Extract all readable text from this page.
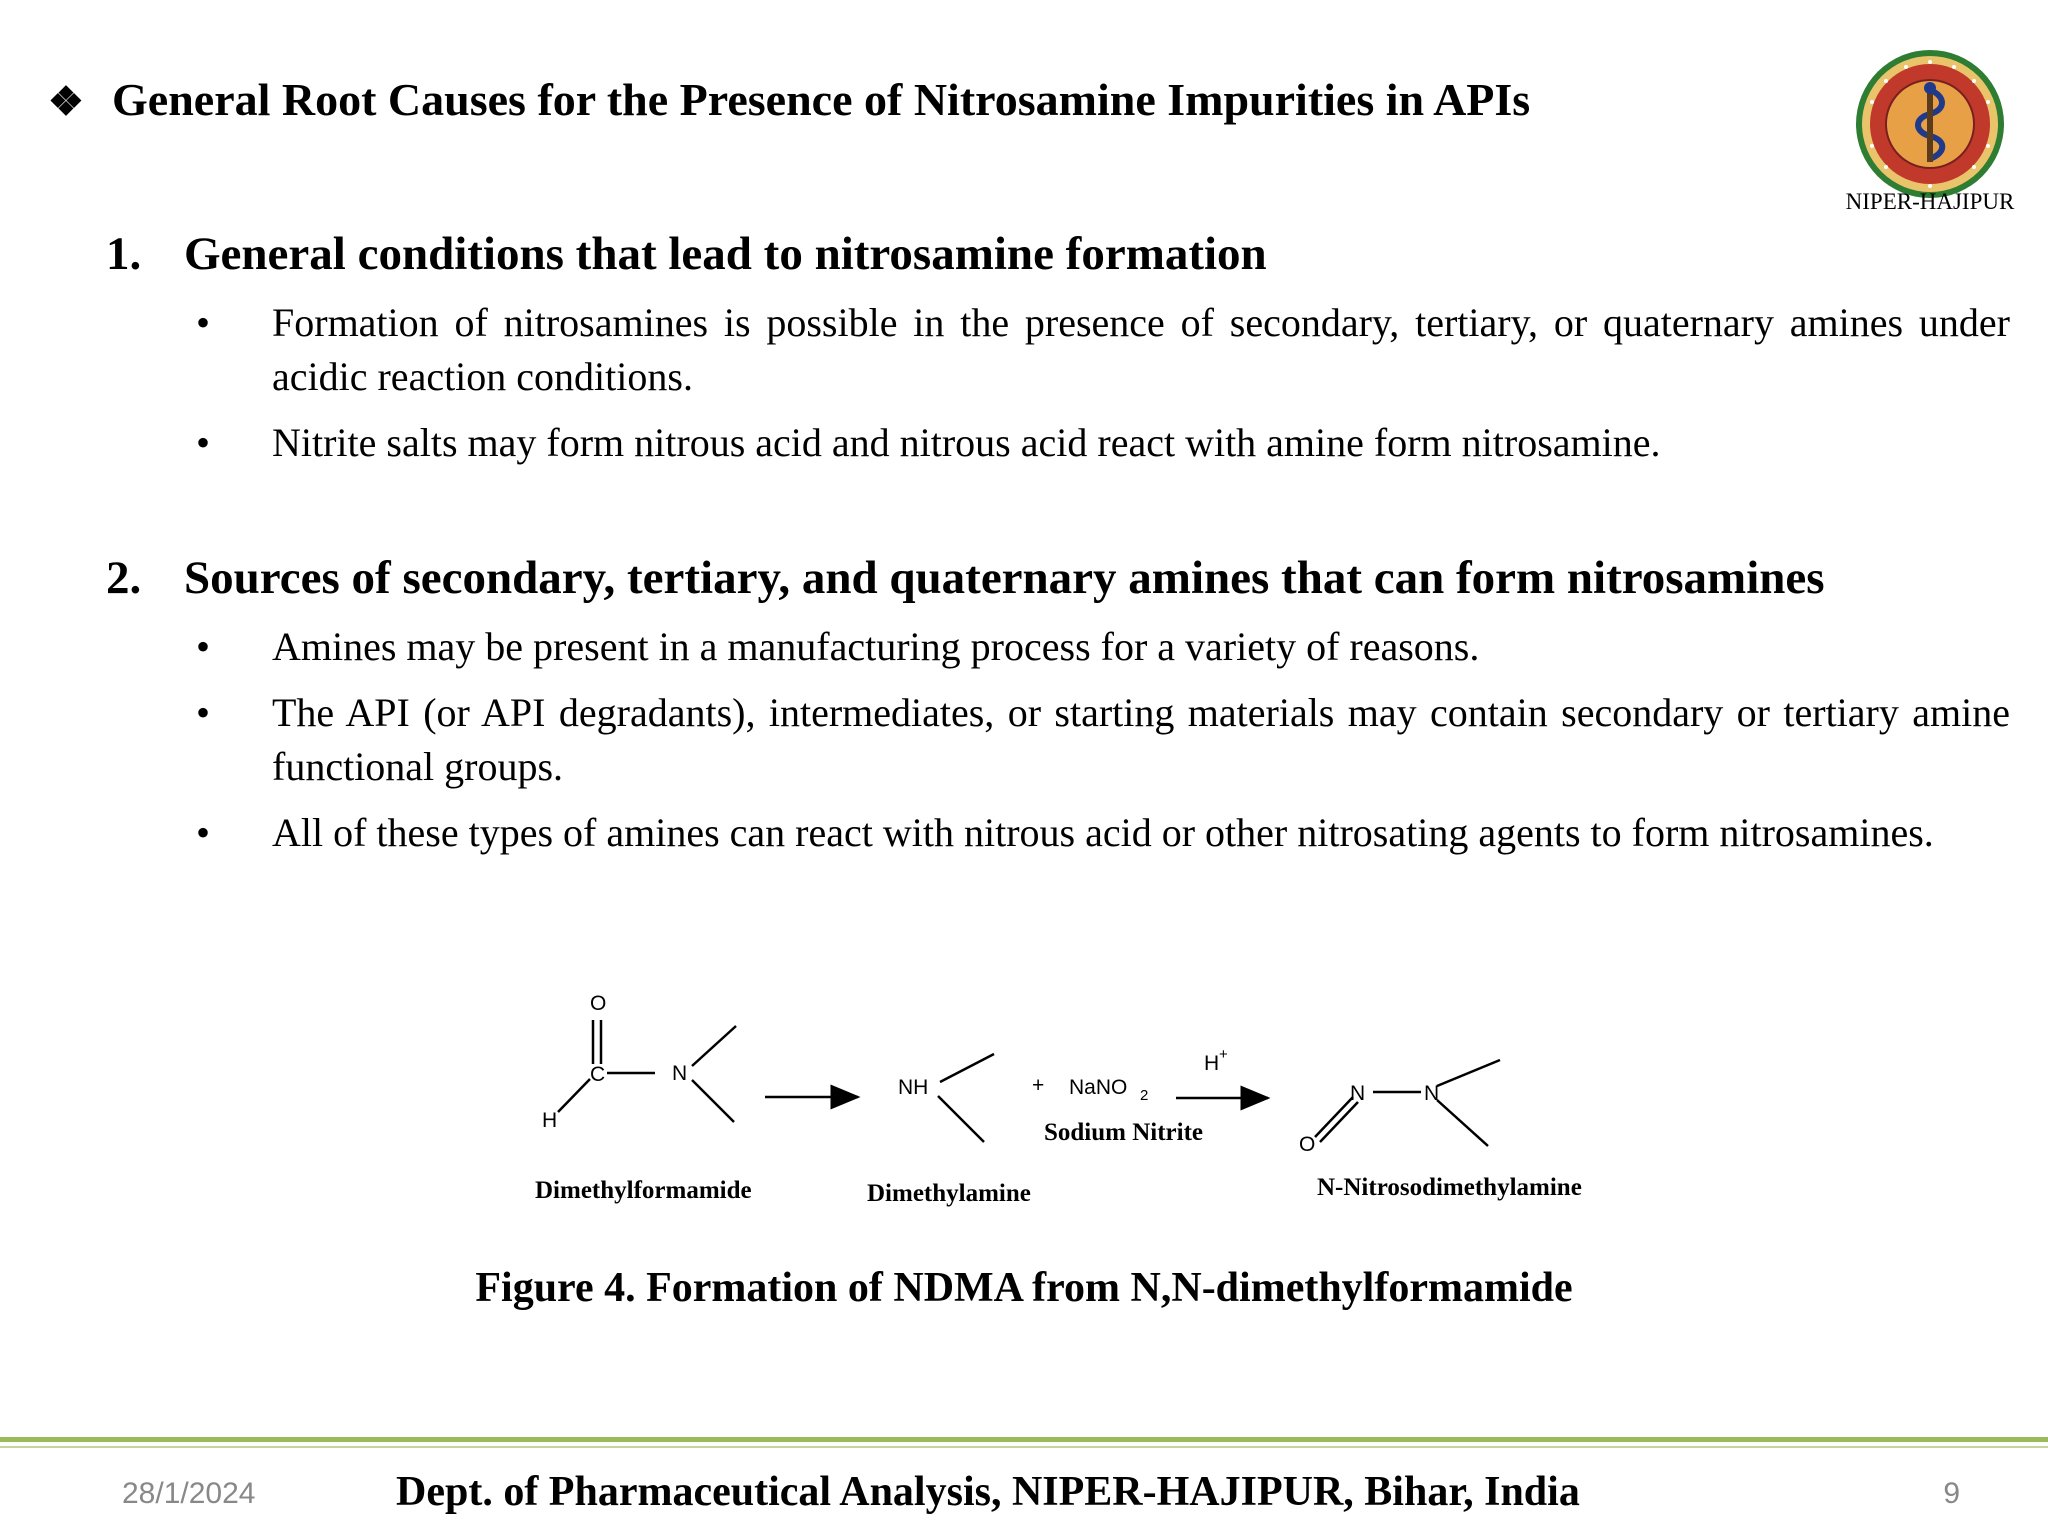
❖ General Root Causes for the Presence of Nitrosamine Impurities in APIs
NIPER-HAJIPUR
1. General conditions that lead to nitrosamine formation
•	Formation of nitrosamines is possible in the presence of secondary, tertiary, or quaternary amines under acidic reaction conditions.
•	Nitrite salts may form nitrous acid and nitrous acid react with amine form nitrosamine.
2. Sources of secondary, tertiary, and quaternary amines that can form nitrosamines
•	Amines may be present in a manufacturing process for a variety of reasons.
•	The API (or API degradants), intermediates, or starting materials may contain secondary or tertiary amine functional groups.
•	All of these types of amines can react with nitrous acid or other nitrosating agents to form nitrosamines.
O
C
H
N
NH	+ NaNO 2
H +
N	N
O
Dimethylformamide	Dimethylamine
Sodium Nitrite
N-Nitrosodimethylamine
Figure 4. Formation of NDMA from N,N-dimethylformamide
28/1/2024	Dept. of Pharmaceutical Analysis, NIPER-HAJIPUR, Bihar, India	9
